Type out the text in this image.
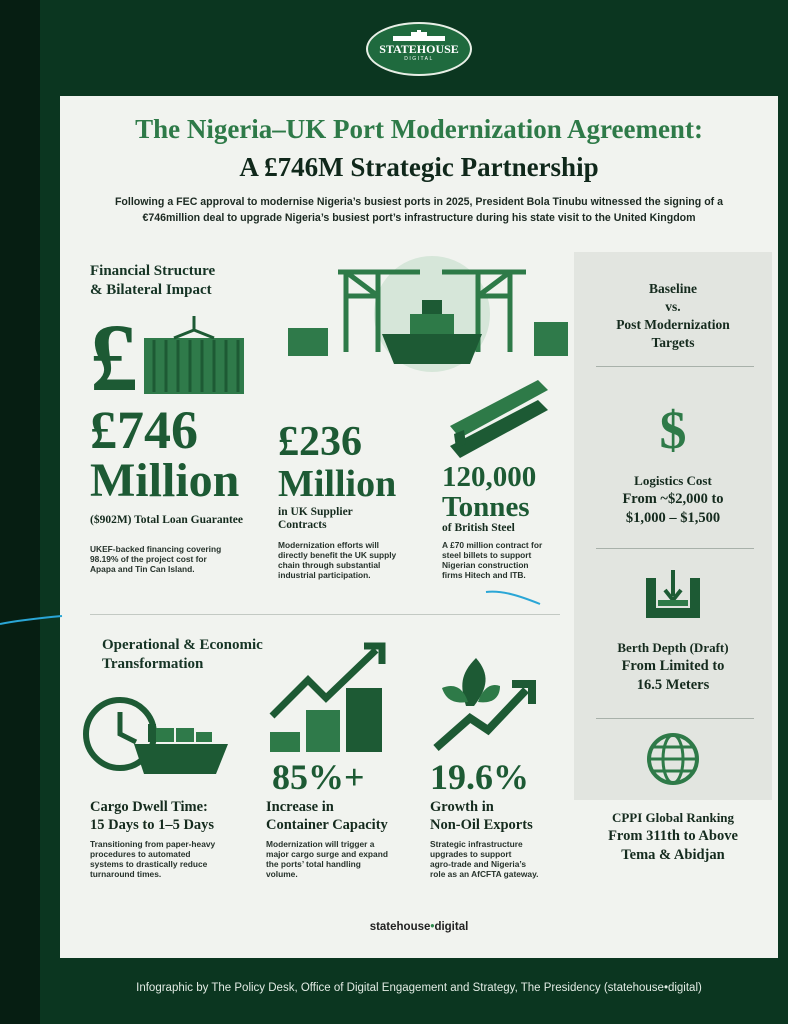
STATEHOUSE
DIGITAL
The Nigeria–UK Port Modernization Agreement:
A £746M Strategic Partnership
Following a FEC approval to modernise Nigeria’s busiest ports in 2025, President Bola Tinubu witnessed the signing of a €746million deal to upgrade Nigeria’s busiest port’s infrastructure during his state visit to the United Kingdom
Financial Structure
& Bilateral Impact
£
£746
Million
($902M) Total Loan Guarantee
UKEF-backed financing covering
98.19% of the project cost for
Apapa and Tin Can Island.
£236
Million
in UK Supplier
Contracts
Modernization efforts will
directly benefit the UK supply
chain through substantial
industrial participation.
120,000
Tonnes
of British Steel
A £70 million contract for
steel billets to support
Nigerian construction
firms Hitech and ITB.
Operational & Economic
Transformation
Cargo Dwell Time:
15 Days to 1–5 Days
Transitioning from paper-heavy
procedures to automated
systems to drastically reduce
turnaround times.
85%+
Increase in
Container Capacity
Modernization will trigger a
major cargo surge and expand
the ports’ total handling
volume.
19.6%
Growth in
Non-Oil Exports
Strategic infrastructure
upgrades to support
agro-trade and Nigeria’s
role as an AfCFTA gateway.
Baseline
vs.
Post Modernization
Targets
$
Logistics Cost
From ~$2,000 to
$1,000 – $1,500
Berth Depth (Draft)
From Limited to
16.5 Meters
CPPI Global Ranking
From 311th to Above
Tema & Abidjan
statehouse•digital
Infographic by The Policy Desk, Office of Digital Engagement and Strategy, The Presidency (statehouse•digital)
